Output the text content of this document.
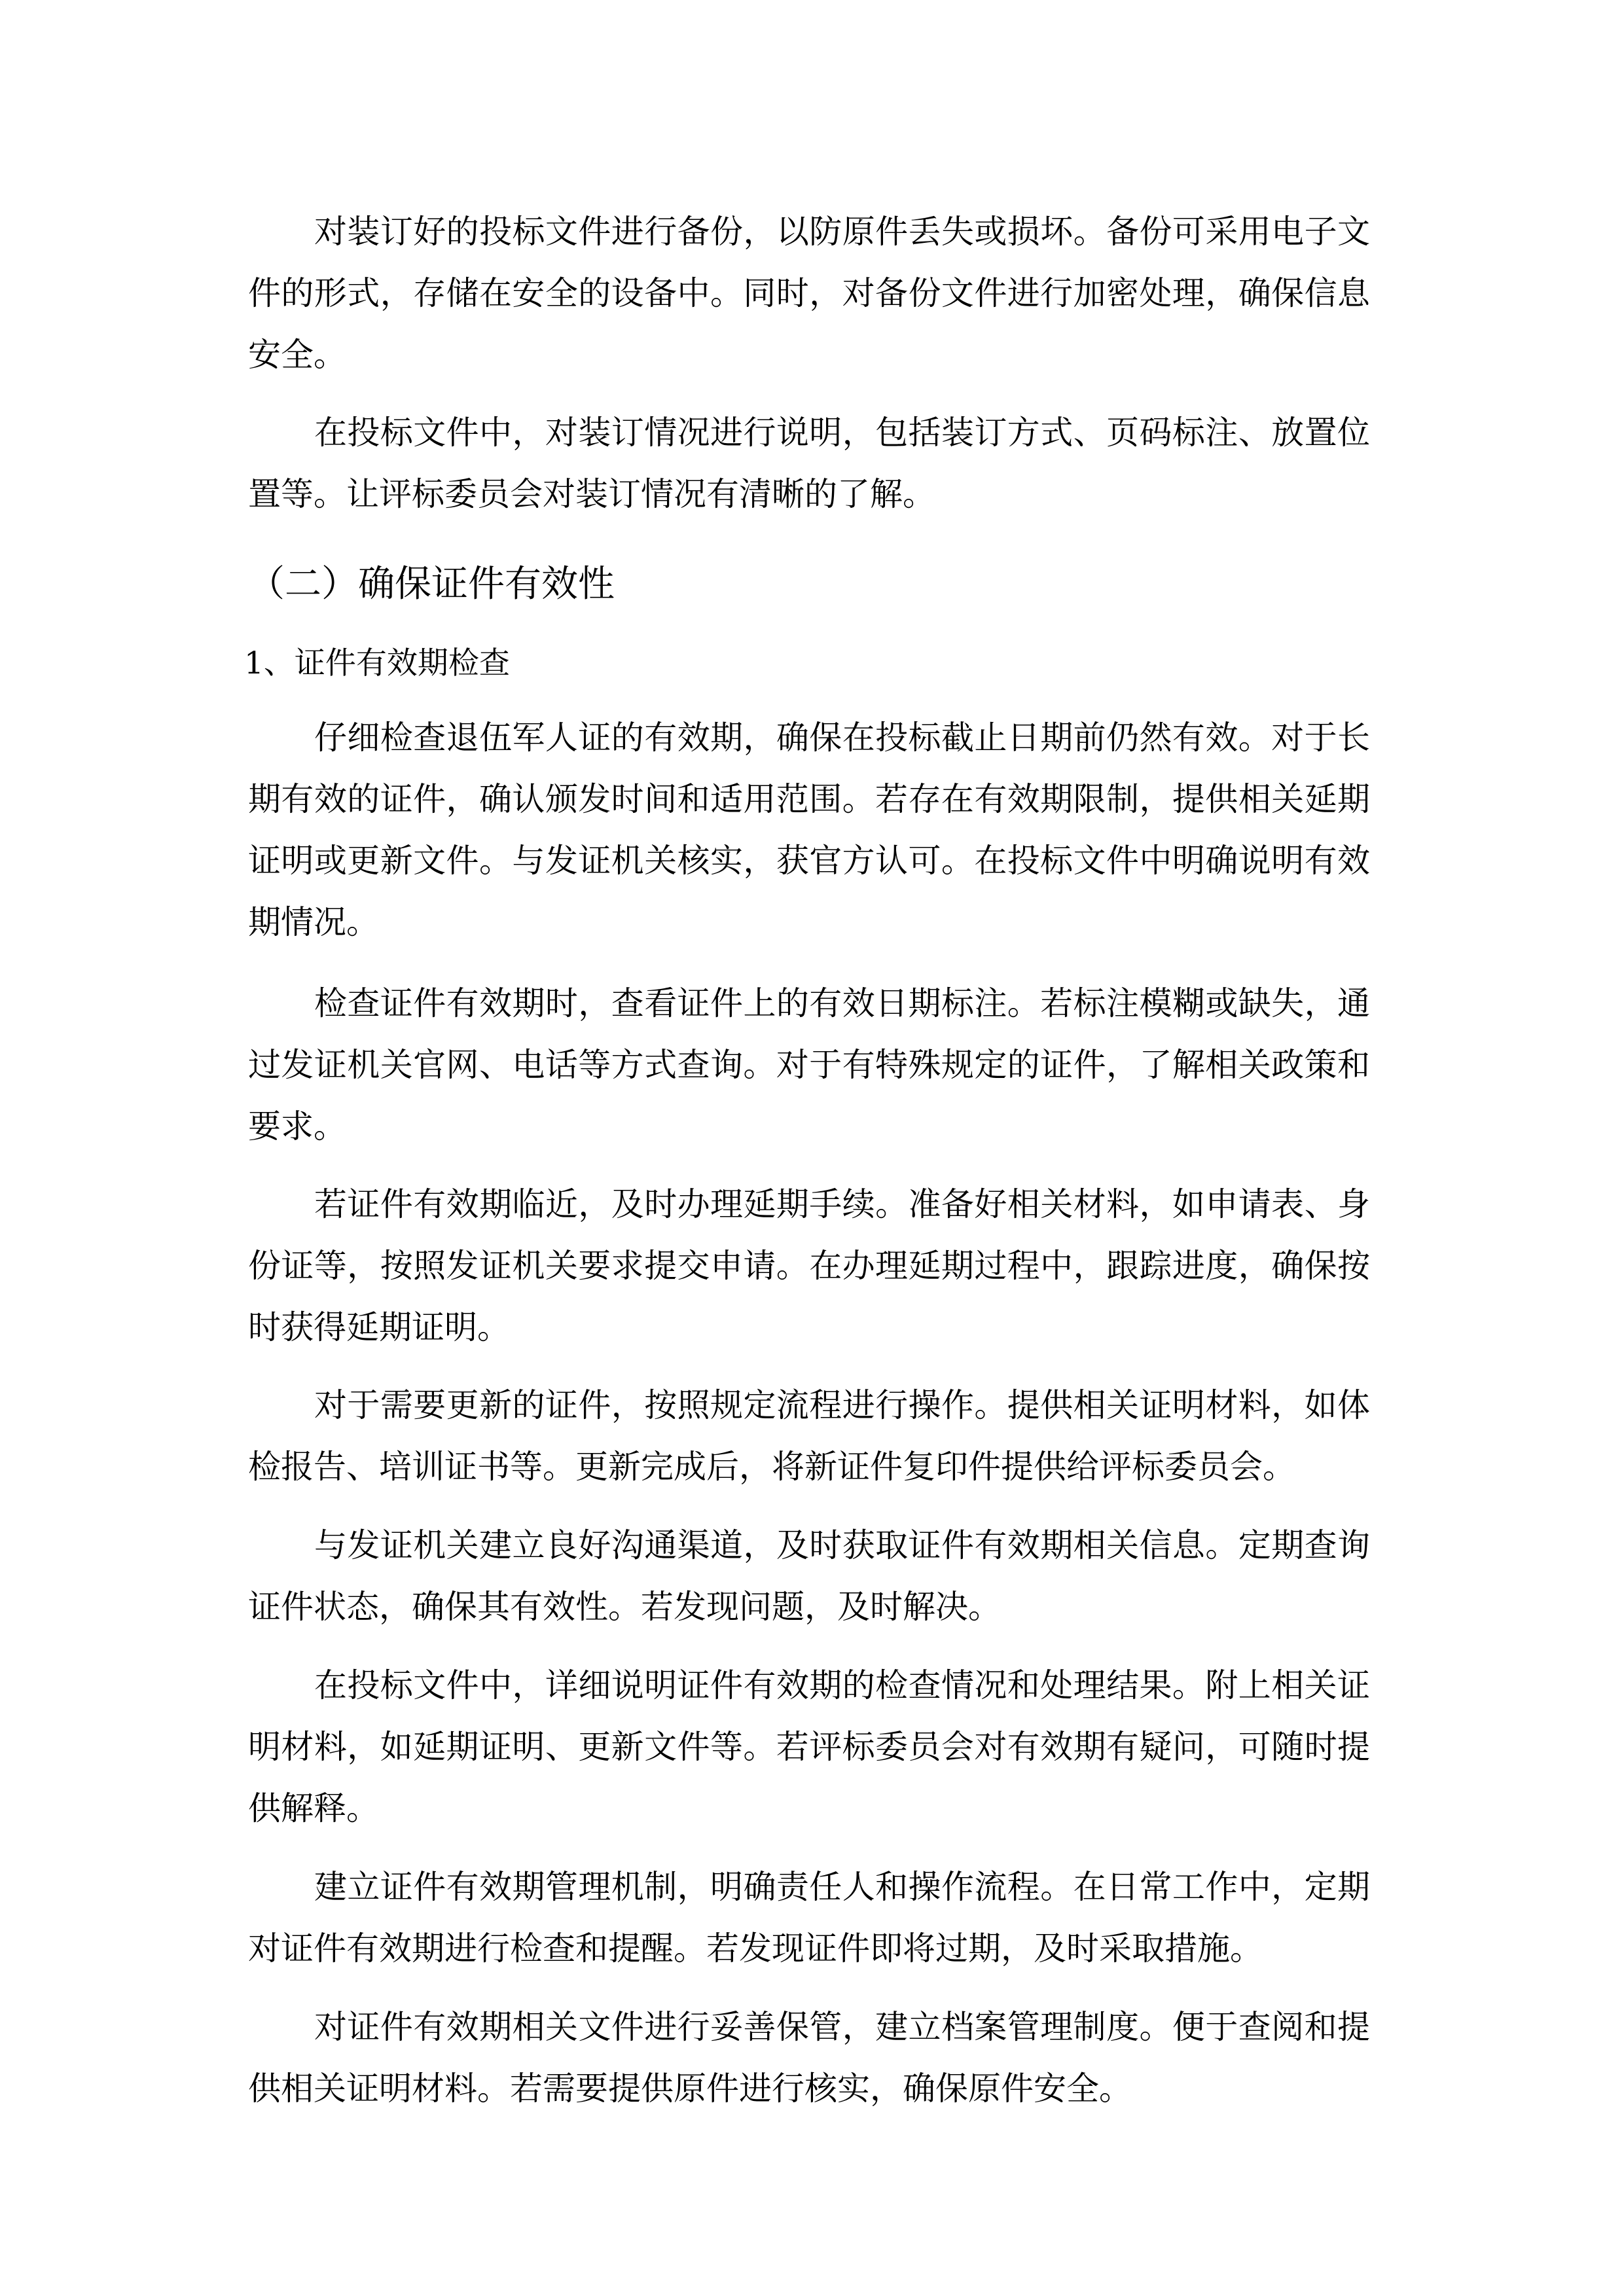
对装订好的投标文件进行备份，以防原件丢失或损坏。备份可采用电子文
件的形式，存储在安全的设备中。同时，对备份文件进行加密处理，确保信息
安全。
在投标文件中，对装订情况进行说明，包括装订方式、页码标注、放置位
置等。让评标委员会对装订情况有清晰的了解。
（二）确保证件有效性
1、证件有效期检查
仔细检查退伍军人证的有效期，确保在投标截止日期前仍然有效。对于长
期有效的证件，确认颁发时间和适用范围。若存在有效期限制，提供相关延期
证明或更新文件。与发证机关核实，获官方认可。在投标文件中明确说明有效
期情况。
检查证件有效期时，查看证件上的有效日期标注。若标注模糊或缺失，通
过发证机关官网、电话等方式查询。对于有特殊规定的证件，了解相关政策和
要求。
若证件有效期临近，及时办理延期手续。准备好相关材料，如申请表、身
份证等，按照发证机关要求提交申请。在办理延期过程中，跟踪进度，确保按
时获得延期证明。
对于需要更新的证件，按照规定流程进行操作。提供相关证明材料，如体
检报告、培训证书等。更新完成后，将新证件复印件提供给评标委员会。
与发证机关建立良好沟通渠道，及时获取证件有效期相关信息。定期查询
证件状态，确保其有效性。若发现问题，及时解决。
在投标文件中，详细说明证件有效期的检查情况和处理结果。附上相关证
明材料，如延期证明、更新文件等。若评标委员会对有效期有疑问，可随时提
供解释。
建立证件有效期管理机制，明确责任人和操作流程。在日常工作中，定期
对证件有效期进行检查和提醒。若发现证件即将过期，及时采取措施。
对证件有效期相关文件进行妥善保管，建立档案管理制度。便于查阅和提
供相关证明材料。若需要提供原件进行核实，确保原件安全。
